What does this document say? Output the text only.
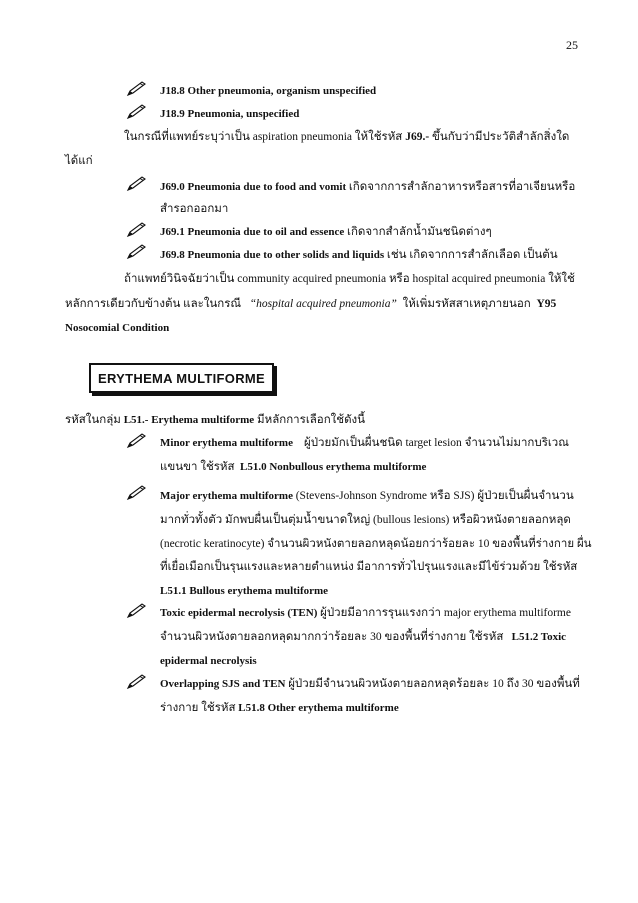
25
J18.8 Other pneumonia, organism unspecified
J18.9 Pneumonia, unspecified
ในกรณีที่แพทย์ระบุว่าเป็น aspiration pneumonia ให้ใช้รหัส J69.- ขึ้นกับว่ามีประวัติสำลักสิ่งใด
ได้แก่
J69.0 Pneumonia due to food and vomit เกิดจากการสำลักอาหารหรือสารที่อาเจียนหรือ
สำรอกออกมา
J69.1 Pneumonia due to oil and essence เกิดจากสำลักน้ำมันชนิดต่างๆ
J69.8 Pneumonia due to other solids and liquids เช่น เกิดจากการสำลักเลือด เป็นต้น
ถ้าแพทย์วินิจฉัยว่าเป็น community acquired pneumonia หรือ hospital acquired pneumonia ให้ใช้
หลักการเดียวกับข้างต้น และในกรณี “hospital acquired pneumonia” ให้เพิ่มรหัสสาเหตุภายนอก Y95
Nosocomial Condition
ERYTHEMA MULTIFORME
รหัสในกลุ่ม L51.- Erythema multiforme มีหลักการเลือกใช้ดังนี้
Minor erythema multiforme ผู้ป่วยมักเป็นผื่นชนิด target lesion จำนวนไม่มากบริเวณ
แขนขา ใช้รหัส L51.0 Nonbullous erythema multiforme
Major erythema multiforme (Stevens-Johnson Syndrome หรือ SJS) ผู้ป่วยเป็นผื่นจำนวน
มากทั่วทั้งตัว มักพบผื่นเป็นตุ่มน้ำขนาดใหญ่ (bullous lesions) หรือผิวหนังตายลอกหลุด
(necrotic keratinocyte) จำนวนผิวหนังตายลอกหลุดน้อยกว่าร้อยละ 10 ของพื้นที่ร่างกาย ผื่น
ที่เยื่อเมือกเป็นรุนแรงและหลายตำแหน่ง มีอาการทั่วไปรุนแรงและมีไข้ร่วมด้วย ใช้รหัส
L51.1 Bullous erythema multiforme
Toxic epidermal necrolysis (TEN) ผู้ป่วยมีอาการรุนแรงกว่า major erythema multiforme
จำนวนผิวหนังตายลอกหลุดมากกว่าร้อยละ 30 ของพื้นที่ร่างกาย ใช้รหัส L51.2 Toxic
epidermal necrolysis
Overlapping SJS and TEN ผู้ป่วยมีจำนวนผิวหนังตายลอกหลุดร้อยละ 10 ถึง 30 ของพื้นที่
ร่างกาย ใช้รหัส L51.8 Other erythema multiforme
